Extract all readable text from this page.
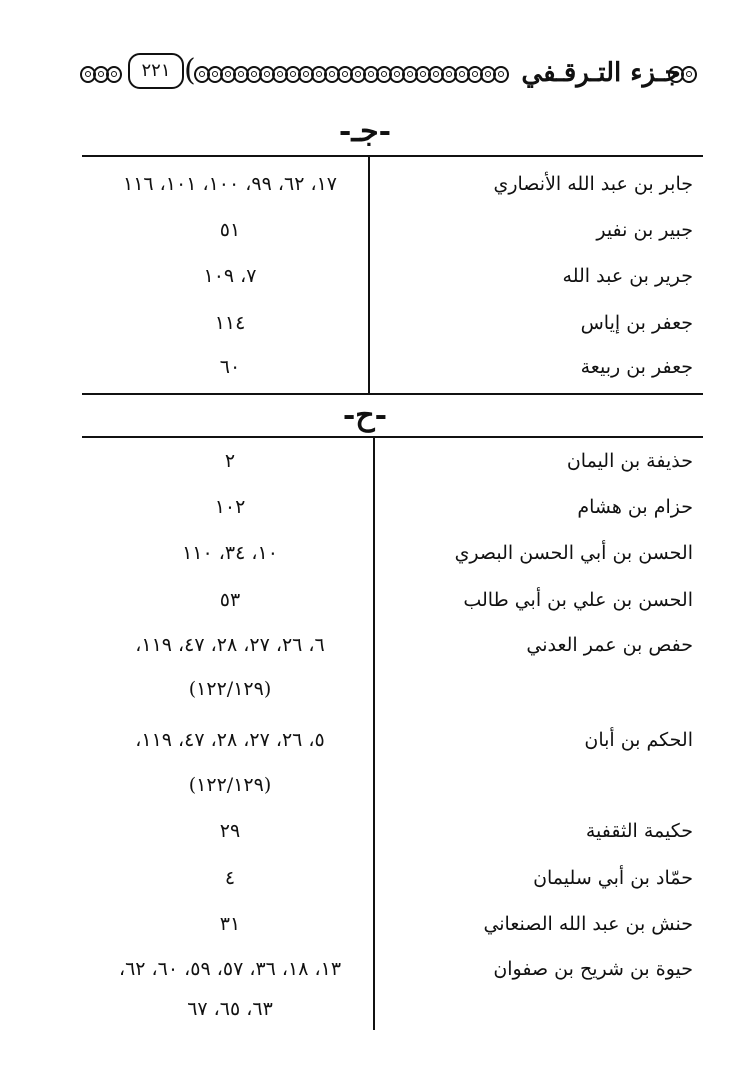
٢٢١ (	جـزء التـرقـفي
-جـ-
جابر بن عبد الله الأنصاري
١٧، ٦٢، ٩٩، ١٠٠، ١٠١، ١١٦
جبير بن نفير
٥١
جرير بن عبد الله
٧، ١٠٩
جعفر بن إياس
١١٤
جعفر بن ربيعة
٦٠
-ح-
حذيفة بن اليمان
٢
حزام بن هشام
١٠٢
الحسن بن أبي الحسن البصري
١٠، ٣٤، ١١٠
الحسن بن علي بن أبي طالب
٥٣
حفص بن عمر العدني
٦، ٢٦، ٢٧، ٢٨، ٤٧، ١١٩،
(١٢٢/١٢٩)
الحكم بن أبان
٥، ٢٦، ٢٧، ٢٨، ٤٧، ١١٩،
(١٢٢/١٢٩)
حكيمة الثقفية
٢٩
حمّاد بن أبي سليمان
٤
حنش بن عبد الله الصنعاني
٣١
حيوة بن شريح بن صفوان
١٣، ١٨، ٣٦، ٥٧، ٥٩، ٦٠، ٦٢،
٦٣، ٦٥، ٦٧
